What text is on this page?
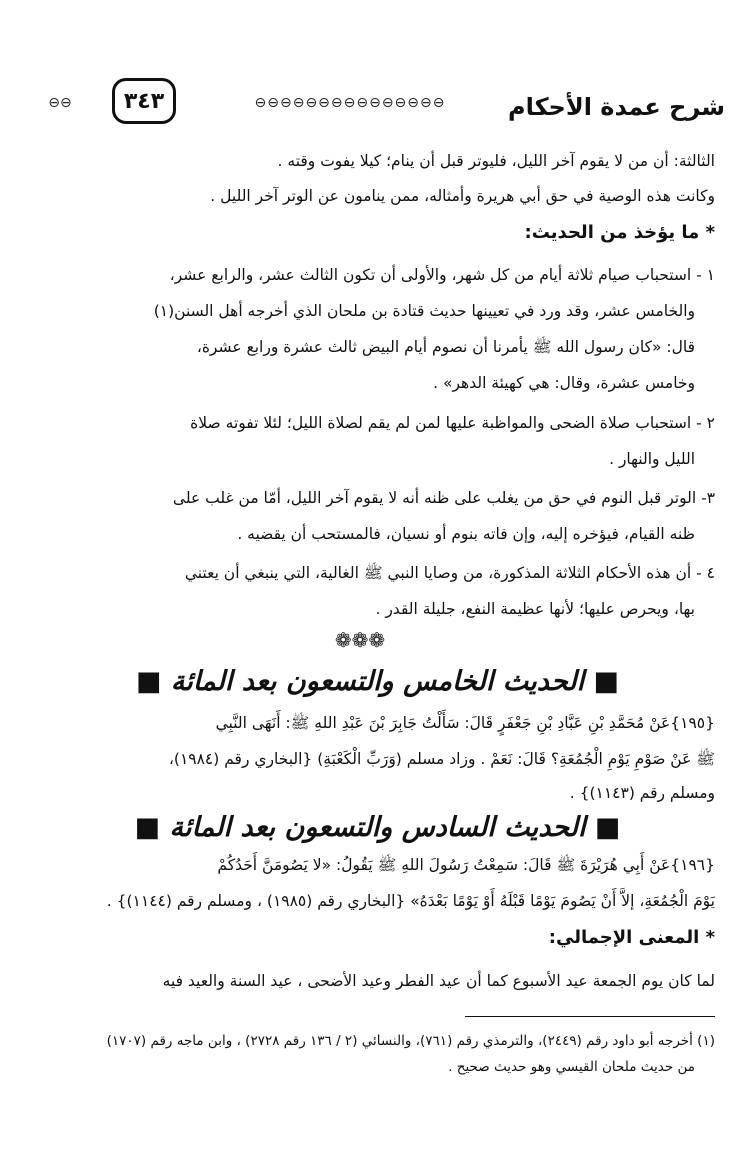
شرح عمدة الأحكام
⊖⊖⊖⊖⊖⊖⊖⊖⊖⊖⊖⊖⊖⊖⊖
٣٤٣
⊖⊖
الثالثة: أن من لا يقوم آخر الليل، فليوتر قبل أن ينام؛ كيلا يفوت وقته .
وكانت هذه الوصية في حق أبي هريرة وأمثاله، ممن ينامون عن الوتر آخر الليل .
* ما يؤخذ من الحديث:
١ - استحباب صيام ثلاثة أيام من كل شهر، والأولى أن تكون الثالث عشر، والرابع عشر،
والخامس عشر، وقد ورد في تعيينها حديث قتادة بن ملحان الذي أخرجه أهل السنن(١)
قال: «كان رسول الله ﷺ يأمرنا أن نصوم أيام البيض ثالث عشرة ورابع عشرة،
وخامس عشرة، وقال: هي كهيئة الدهر» .
٢ - استحباب صلاة الضحى والمواظبة عليها لمن لم يقم لصلاة الليل؛ لئلا تفوته صلاة
الليل والنهار .
٣- الوتر قبل النوم في حق من يغلب على ظنه أنه لا يقوم آخر الليل، أمّا من غلب على
ظنه القيام، فيؤخره إليه، وإن فاته بنوم أو نسيان، فالمستحب أن يقضيه .
٤ - أن هذه الأحكام الثلاثة المذكورة، من وصايا النبي ﷺ الغالية، التي ينبغي أن يعتني
بها، ويحرص عليها؛ لأنها عظيمة النفع، جليلة القدر .
❁❁❁
■ الحديث الخامس والتسعون بعد المائة ■
{١٩٥}عَنْ مُحَمَّدِ بْنِ عَبَّادِ بْنِ جَعْفَرٍ قَالَ: سَأَلْتُ جَابِرَ بْنَ عَبْدِ اللهِ ﷺ: أَنَهَى النَّبِي
ﷺ عَنْ صَوْمِ يَوْمِ الْجُمُعَةِ؟ قَالَ: نَعَمْ . وزاد مسلم (وَرَبِّ الْكَعْبَةِ) {البخاري رقم (١٩٨٤)،
ومسلم رقم (١١٤٣)} .
■ الحديث السادس والتسعون بعد المائة ■
{١٩٦}عَنْ أَبِي هُرَيْرَةَ ﷺ قَالَ: سَمِعْتُ رَسُولَ اللهِ ﷺ يَقُولُ: «لا يَصُومَنَّ أَحَدُكُمْ
يَوْمَ الْجُمُعَةِ، إلاَّ أَنْ يَصُومَ يَوْمًا قَبْلَهُ أَوْ يَوْمًا بَعْدَهُ» {البخاري رقم (١٩٨٥) ، ومسلم رقم (١١٤٤)} .
* المعنى الإجمالي:
لما كان يوم الجمعة عيد الأسبوع كما أن عيد الفطر وعيد الأضحى ، عيد السنة والعيد فيه
(١) أخرجه أبو داود رقم (٢٤٤٩)، والترمذي رقم (٧٦١)، والنسائي (٢ / ١٣٦ رقم ٢٧٢٨) ، وابن ماجه رقم (١٧٠٧)
من حديث ملحان القيسي وهو حديث صحيح .
